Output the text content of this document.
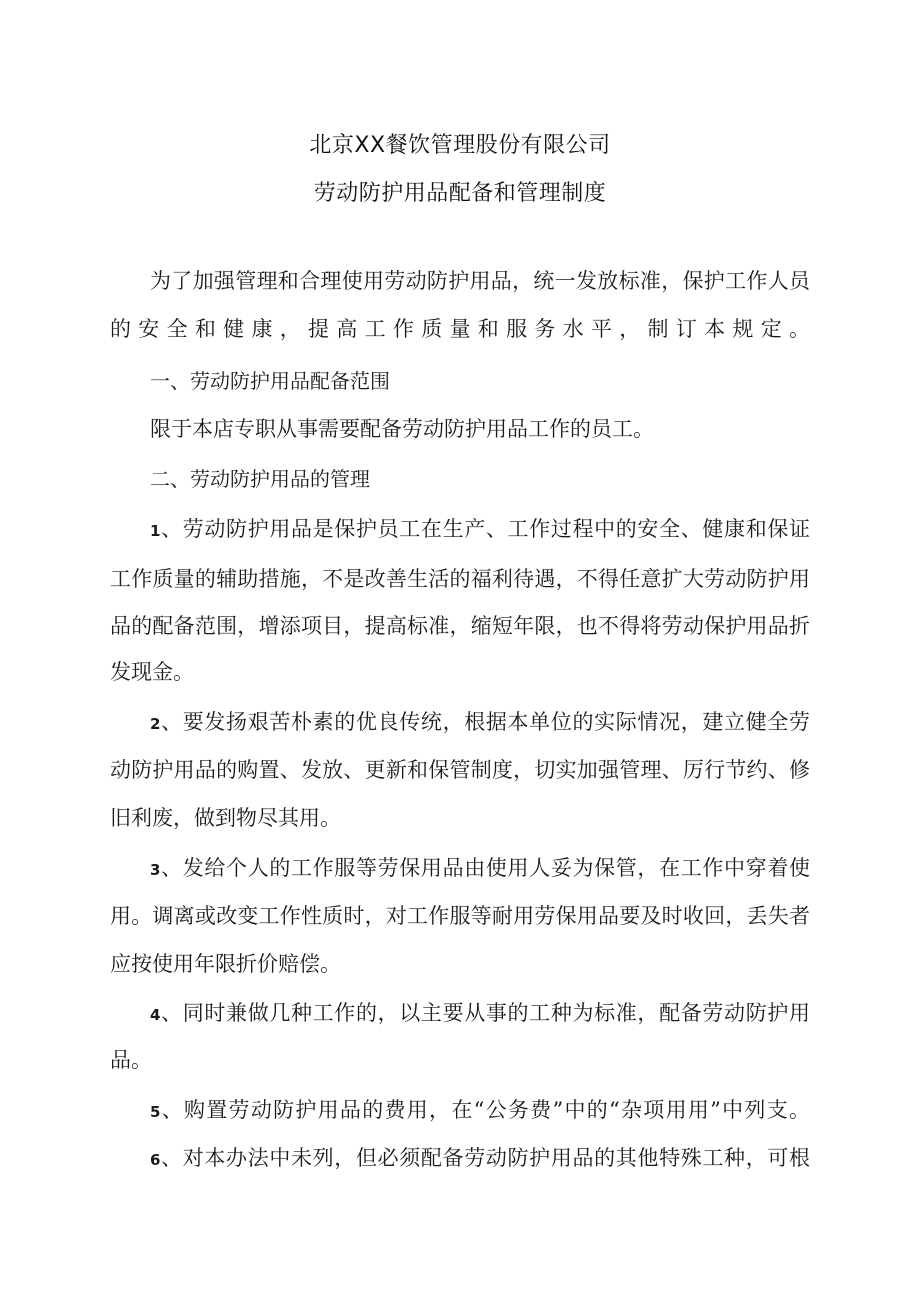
北京XX餐饮管理股份有限公司
劳动防护用品配备和管理制度
为了加强管理和合理使用劳动防护用品，统一发放标准，保护工作人员
的安全和健康，提高工作质量和服务水平，制订本规定。
一、劳动防护用品配备范围
限于本店专职从事需要配备劳动防护用品工作的员工。
二、劳动防护用品的管理
1、劳动防护用品是保护员工在生产、工作过程中的安全、健康和保证
工作质量的辅助措施，不是改善生活的福利待遇，不得任意扩大劳动防护用
品的配备范围，增添项目，提高标准，缩短年限，也不得将劳动保护用品折
发现金。
2、要发扬艰苦朴素的优良传统，根据本单位的实际情况，建立健全劳
动防护用品的购置、发放、更新和保管制度，切实加强管理、厉行节约、修
旧利废，做到物尽其用。
3、发给个人的工作服等劳保用品由使用人妥为保管，在工作中穿着使
用。调离或改变工作性质时，对工作服等耐用劳保用品要及时收回，丢失者
应按使用年限折价赔偿。
4、同时兼做几种工作的，以主要从事的工种为标准，配备劳动防护用
品。
5、购置劳动防护用品的费用，在“公务费”中的“杂项用用”中列支。
6、对本办法中未列，但必须配备劳动防护用品的其他特殊工种，可根
